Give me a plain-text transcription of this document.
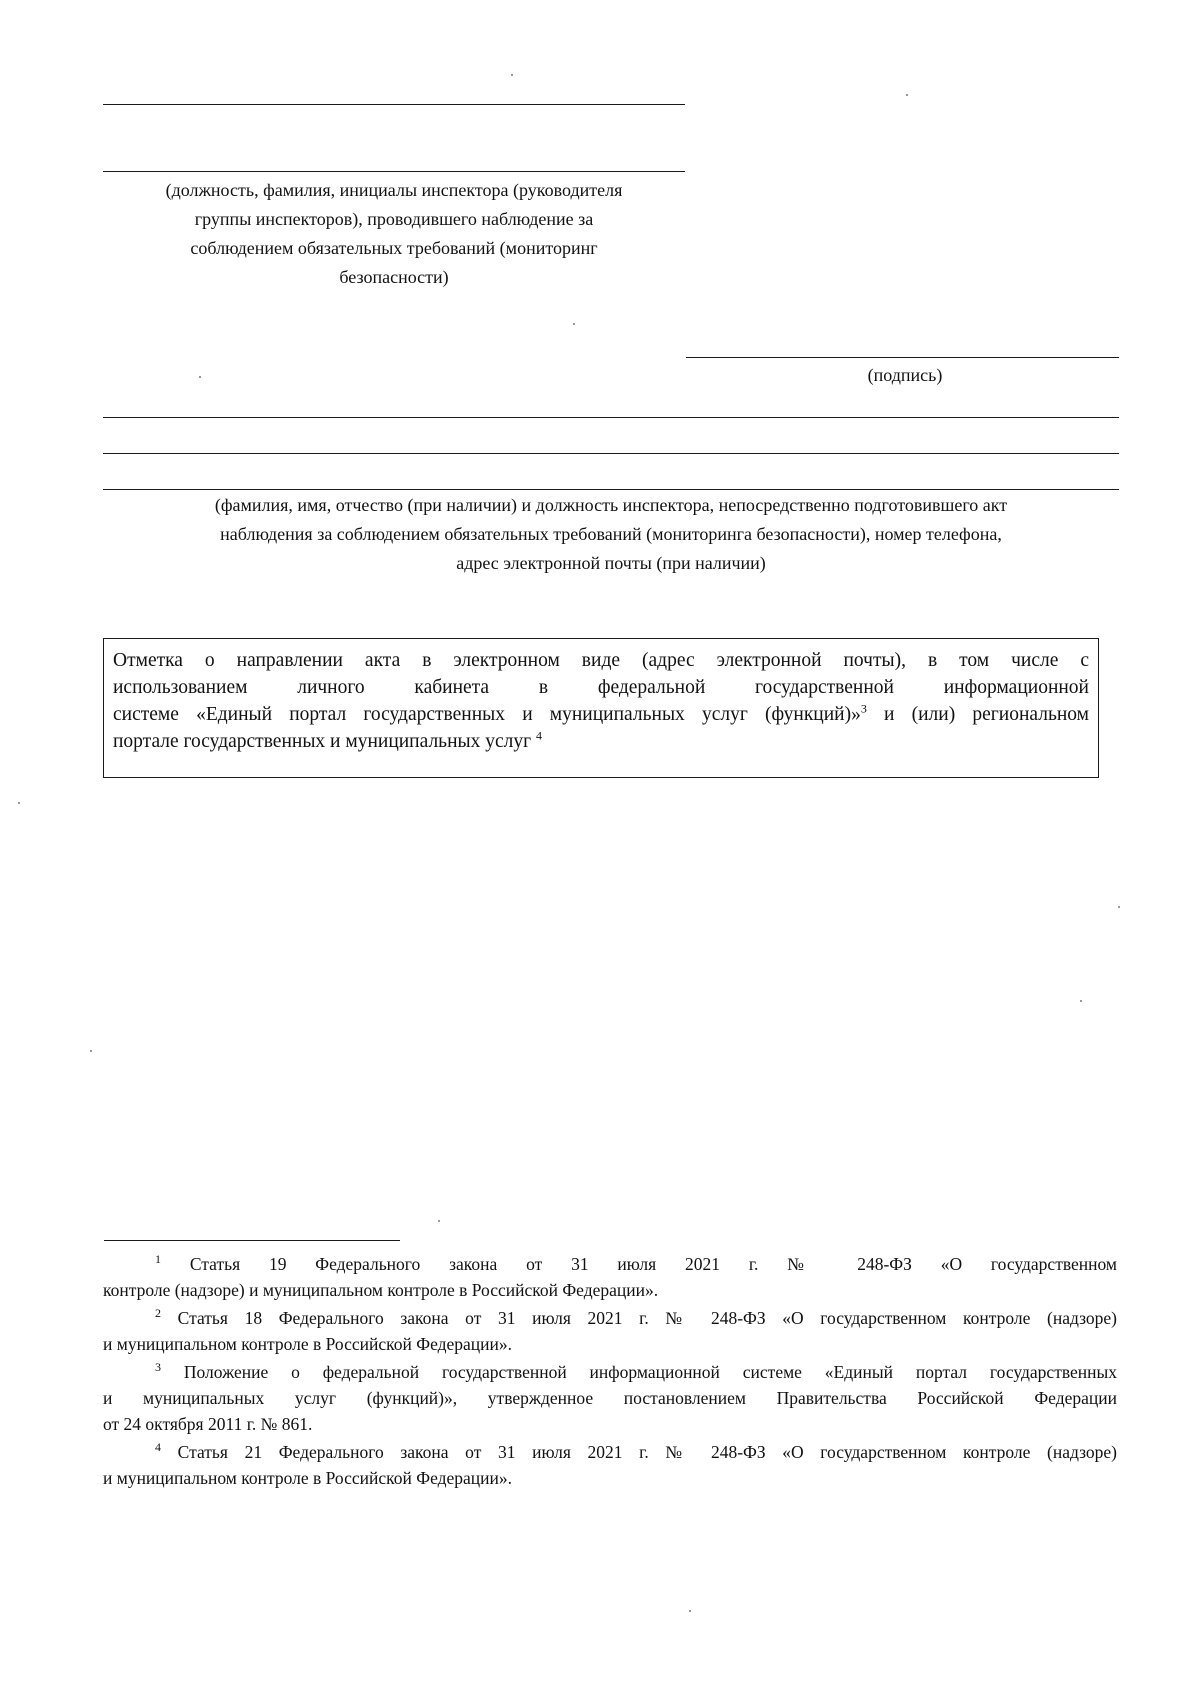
(должность, фамилия, инициалы инспектора (руководителя
группы инспекторов), проводившего наблюдение за
соблюдением обязательных требований (мониторинг
безопасности)
(подпись)
(фамилия, имя, отчество (при наличии) и должность инспектора, непосредственно подготовившего акт
наблюдения за соблюдением обязательных требований (мониторинга безопасности), номер телефона,
адрес электронной почты (при наличии)
Отметка о направлении акта в электронном виде (адрес электронной почты), в том числе с
использованием личного кабинета в федеральной государственной информационной
системе «Единый портал государственных и муниципальных услуг (функций)»$^3$ и (или) региональном
портале государственных и муниципальных услуг $^4$
$^1$ Статья 19 Федерального закона от 31 июля 2021 г. № 248-ФЗ «О государственном
контроле (надзоре) и муниципальном контроле в Российской Федерации».
$^2$ Статья 18 Федерального закона от 31 июля 2021 г. № 248-ФЗ «О государственном контроле (надзоре)
и муниципальном контроле в Российской Федерации».
$^3$ Положение о федеральной государственной информационной системе «Единый портал государственных
и муниципальных услуг (функций)», утвержденное постановлением Правительства Российской Федерации
от 24 октября 2011 г. № 861.
$^4$ Статья 21 Федерального закона от 31 июля 2021 г. № 248-ФЗ «О государственном контроле (надзоре)
и муниципальном контроле в Российской Федерации».
